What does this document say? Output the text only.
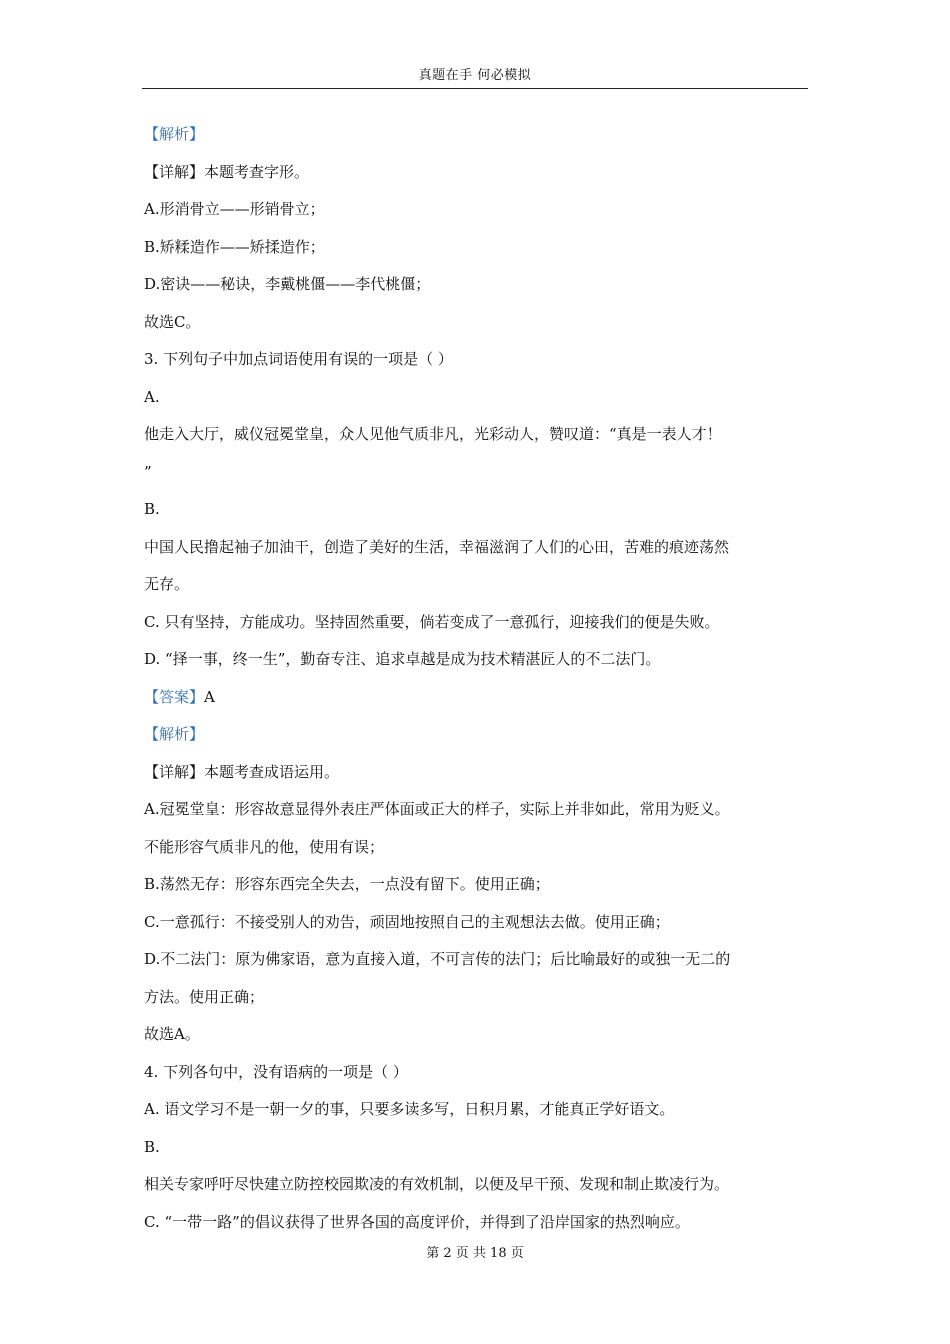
真题在手 何必模拟
【解析】
【详解】本题考查字形。
A.形消骨立——形销骨立；
B.矫糅造作——矫揉造作；
D.密诀——秘诀，李戴桃僵——李代桃僵；
故选C。
3. 下列句子中加点词语使用有误的一项是（ ）
A.
他走入大厅，威仪冠冕堂皇，众人见他气质非凡，光彩动人，赞叹道：“真是一表人才！
”
B.
中国人民撸起袖子加油干，创造了美好的生活，幸福滋润了人们的心田，苦难的痕迹荡然
无存。
C. 只有坚持，方能成功。坚持固然重要，倘若变成了一意孤行，迎接我们的便是失败。
D. “择一事，终一生”，勤奋专注、追求卓越是成为技术精湛匠人的不二法门。
【答案】A
【解析】
【详解】本题考查成语运用。
A.冠冕堂皇：形容故意显得外表庄严体面或正大的样子，实际上并非如此，常用为贬义。
不能形容气质非凡的他，使用有误；
B.荡然无存：形容东西完全失去，一点没有留下。使用正确；
C.一意孤行：不接受别人的劝告，顽固地按照自己的主观想法去做。使用正确；
D.不二法门：原为佛家语，意为直接入道，不可言传的法门；后比喻最好的或独一无二的
方法。使用正确；
故选A。
4. 下列各句中，没有语病的一项是（ ）
A. 语文学习不是一朝一夕的事，只要多读多写，日积月累，才能真正学好语文。
B.
相关专家呼吁尽快建立防控校园欺凌的有效机制，以便及早干预、发现和制止欺凌行为。
C. “一带一路”的倡议获得了世界各国的高度评价，并得到了沿岸国家的热烈响应。
第 2 页 共 18 页
